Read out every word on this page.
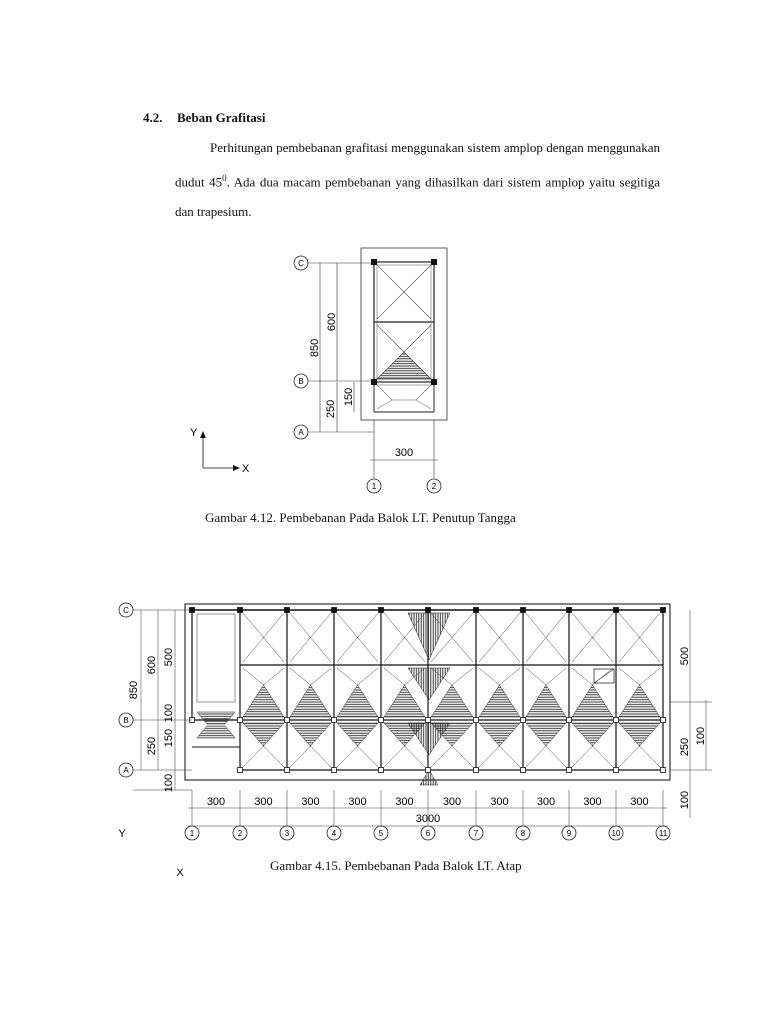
4.2. Beban Grafitasi
Perhitungan pembebanan grafitasi menggunakan sistem amplop dengan menggunakan dudut $45^0$. Ada dua macam pembebanan yang dihasilkan dari sistem amplop yaitu segitiga dan trapesium.
C
B
A
850
600
150
250
300
1	2
Y
X
Gambar 4.12. Pembebanan Pada Balok LT. Penutup Tangga
C
B
A
850
600 500
100
150
250
100
500
250
100
100
300	300	300	300	300	300	300	300	300	300
3000
1	2	3	4	5	6	7	8	9	10	11
Y
X	Gambar 4.15. Pembebanan Pada Balok LT. Atap
